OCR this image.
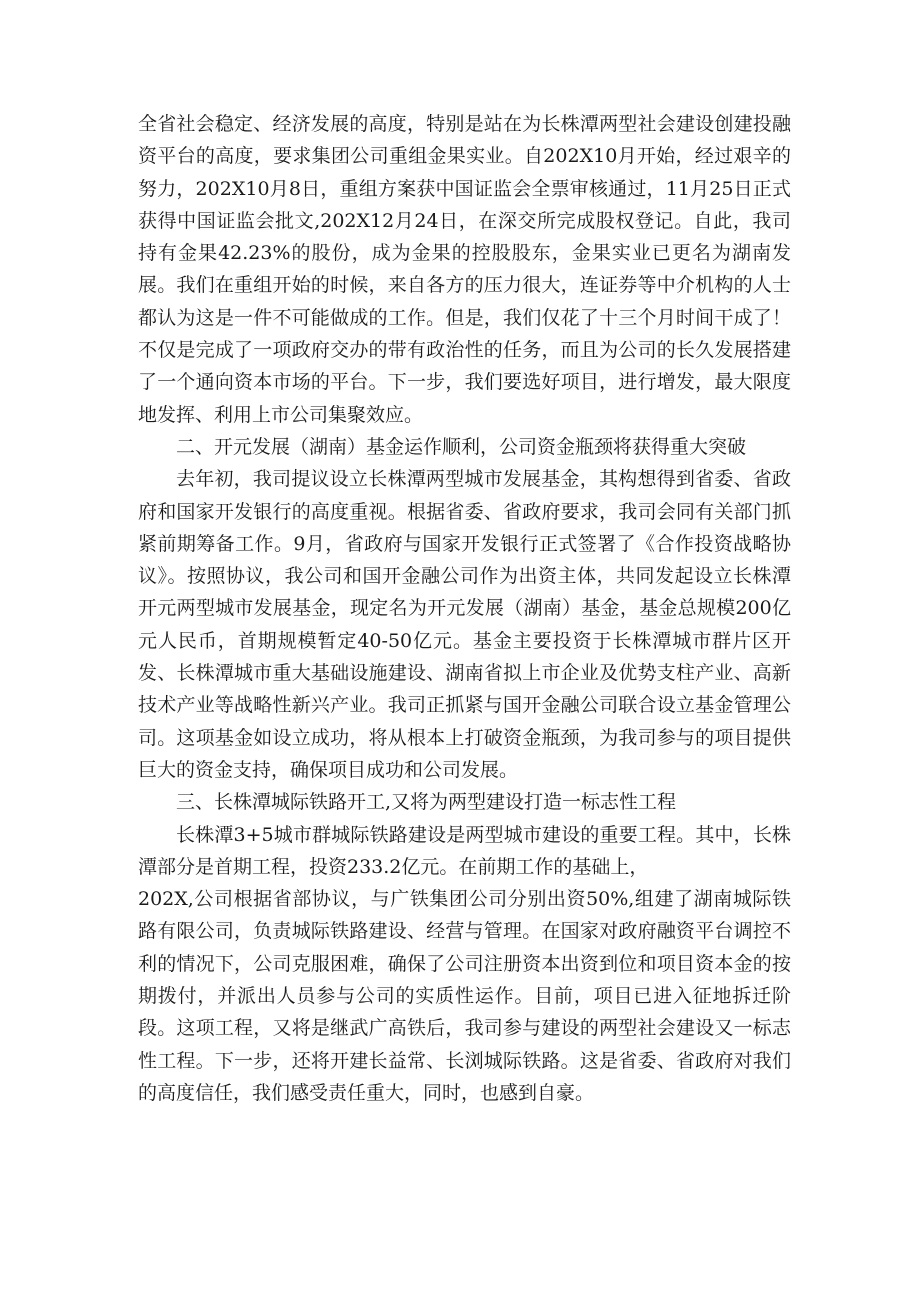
全省社会稳定、经济发展的高度，特别是站在为长株潭两型社会建设创建投融资平台的高度，要求集团公司重组金果实业。自202X10月开始，经过艰辛的努力，202X10月8日，重组方案获中国证监会全票审核通过，11月25日正式获得中国证监会批文,202X12月24日，在深交所完成股权登记。自此，我司持有金果42.23%的股份，成为金果的控股股东，金果实业已更名为湖南发展。我们在重组开始的时候，来自各方的压力很大，连证券等中介机构的人士都认为这是一件不可能做成的工作。但是，我们仅花了十三个月时间干成了！不仅是完成了一项政府交办的带有政治性的任务，而且为公司的长久发展搭建了一个通向资本市场的平台。下一步，我们要选好项目，进行增发，最大限度地发挥、利用上市公司集聚效应。

二、开元发展（湖南）基金运作顺利，公司资金瓶颈将获得重大突破

去年初，我司提议设立长株潭两型城市发展基金，其构想得到省委、省政府和国家开发银行的高度重视。根据省委、省政府要求，我司会同有关部门抓紧前期筹备工作。9月，省政府与国家开发银行正式签署了《合作投资战略协议》。按照协议，我公司和国开金融公司作为出资主体，共同发起设立长株潭开元两型城市发展基金，现定名为开元发展（湖南）基金，基金总规模200亿元人民币，首期规模暂定40-50亿元。基金主要投资于长株潭城市群片区开发、长株潭城市重大基础设施建设、湖南省拟上市企业及优势支柱产业、高新技术产业等战略性新兴产业。我司正抓紧与国开金融公司联合设立基金管理公司。这项基金如设立成功，将从根本上打破资金瓶颈，为我司参与的项目提供巨大的资金支持，确保项目成功和公司发展。

三、长株潭城际铁路开工,又将为两型建设打造一标志性工程

长株潭3+5城市群城际铁路建设是两型城市建设的重要工程。其中，长株潭部分是首期工程，投资233.2亿元。在前期工作的基础上，

202X,公司根据省部协议，与广铁集团公司分别出资50%,组建了湖南城际铁路有限公司，负责城际铁路建设、经营与管理。在国家对政府融资平台调控不利的情况下，公司克服困难，确保了公司注册资本出资到位和项目资本金的按期拨付，并派出人员参与公司的实质性运作。目前，项目已进入征地拆迁阶段。这项工程，又将是继武广高铁后，我司参与建设的两型社会建设又一标志性工程。下一步，还将开建长益常、长浏城际铁路。这是省委、省政府对我们的高度信任，我们感受责任重大，同时，也感到自豪。
